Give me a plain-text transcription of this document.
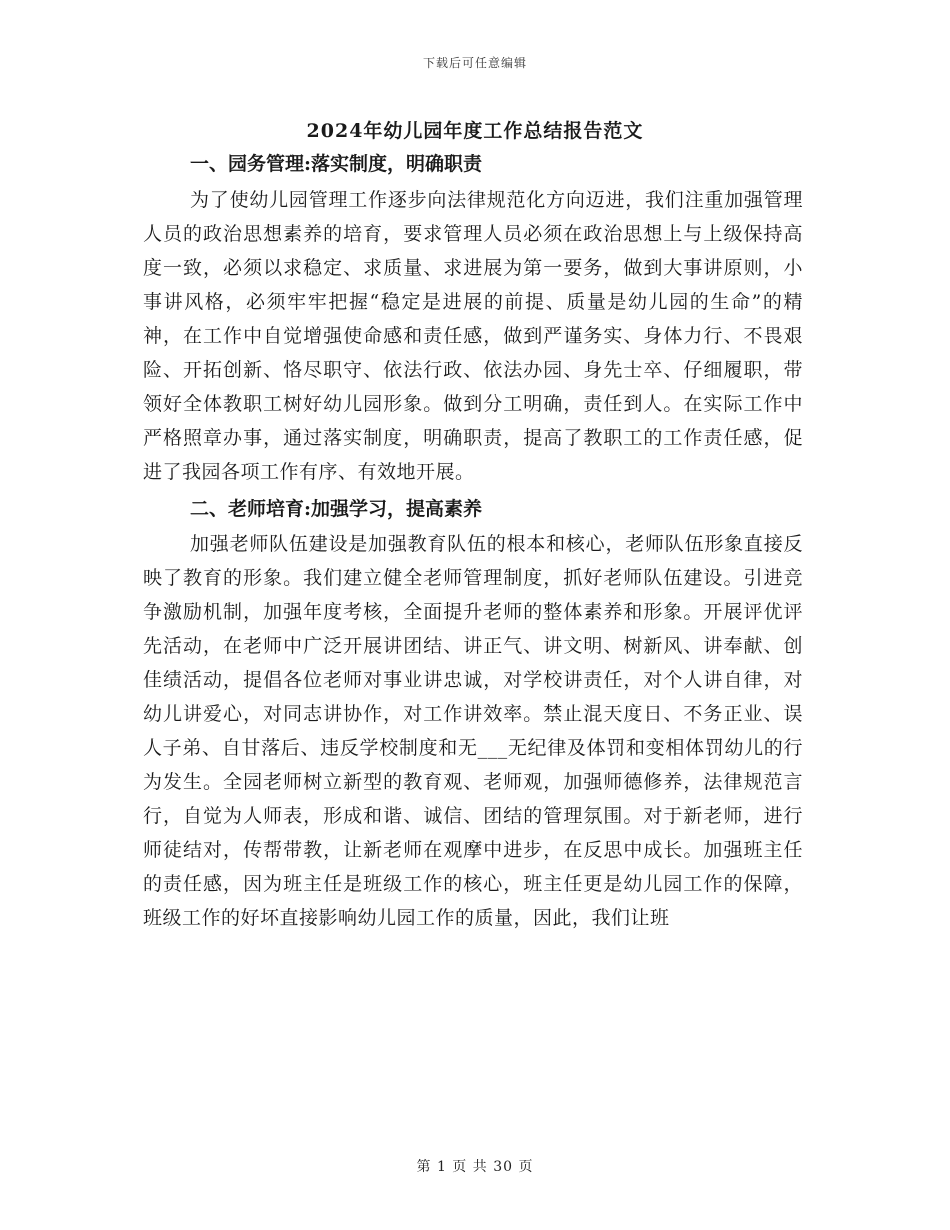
下载后可任意编辑
2024年幼儿园年度工作总结报告范文
一、园务管理:落实制度，明确职责

为了使幼儿园管理工作逐步向法律规范化方向迈进，我们注重加强管理人员的政治思想素养的培育，要求管理人员必须在政治思想上与上级保持高度一致，必须以求稳定、求质量、求进展为第一要务，做到大事讲原则，小事讲风格，必须牢牢把握“稳定是进展的前提、质量是幼儿园的生命”的精神，在工作中自觉增强使命感和责任感，做到严谨务实、身体力行、不畏艰险、开拓创新、恪尽职守、依法行政、依法办园、身先士卒、仔细履职，带领好全体教职工树好幼儿园形象。做到分工明确，责任到人。在实际工作中严格照章办事，通过落实制度，明确职责，提高了教职工的工作责任感，促进了我园各项工作有序、有效地开展。

二、老师培育:加强学习，提高素养

加强老师队伍建设是加强教育队伍的根本和核心，老师队伍形象直接反映了教育的形象。我们建立健全老师管理制度，抓好老师队伍建设。引进竞争激励机制，加强年度考核，全面提升老师的整体素养和形象。开展评优评先活动，在老师中广泛开展讲团结、讲正气、讲文明、树新风、讲奉献、创佳绩活动，提倡各位老师对事业讲忠诚，对学校讲责任，对个人讲自律，对幼儿讲爱心，对同志讲协作，对工作讲效率。禁止混天度日、不务正业、误人子弟、自甘落后、违反学校制度和无___无纪律及体罚和变相体罚幼儿的行为发生。全园老师树立新型的教育观、老师观，加强师德修养，法律规范言行，自觉为人师表，形成和谐、诚信、团结的管理氛围。对于新老师，进行师徒结对，传帮带教，让新老师在观摩中进步，在反思中成长。加强班主任的责任感，因为班主任是班级工作的核心，班主任更是幼儿园工作的保障，班级工作的好坏直接影响幼儿园工作的质量，因此，我们让班

第 1 页 共 30 页
